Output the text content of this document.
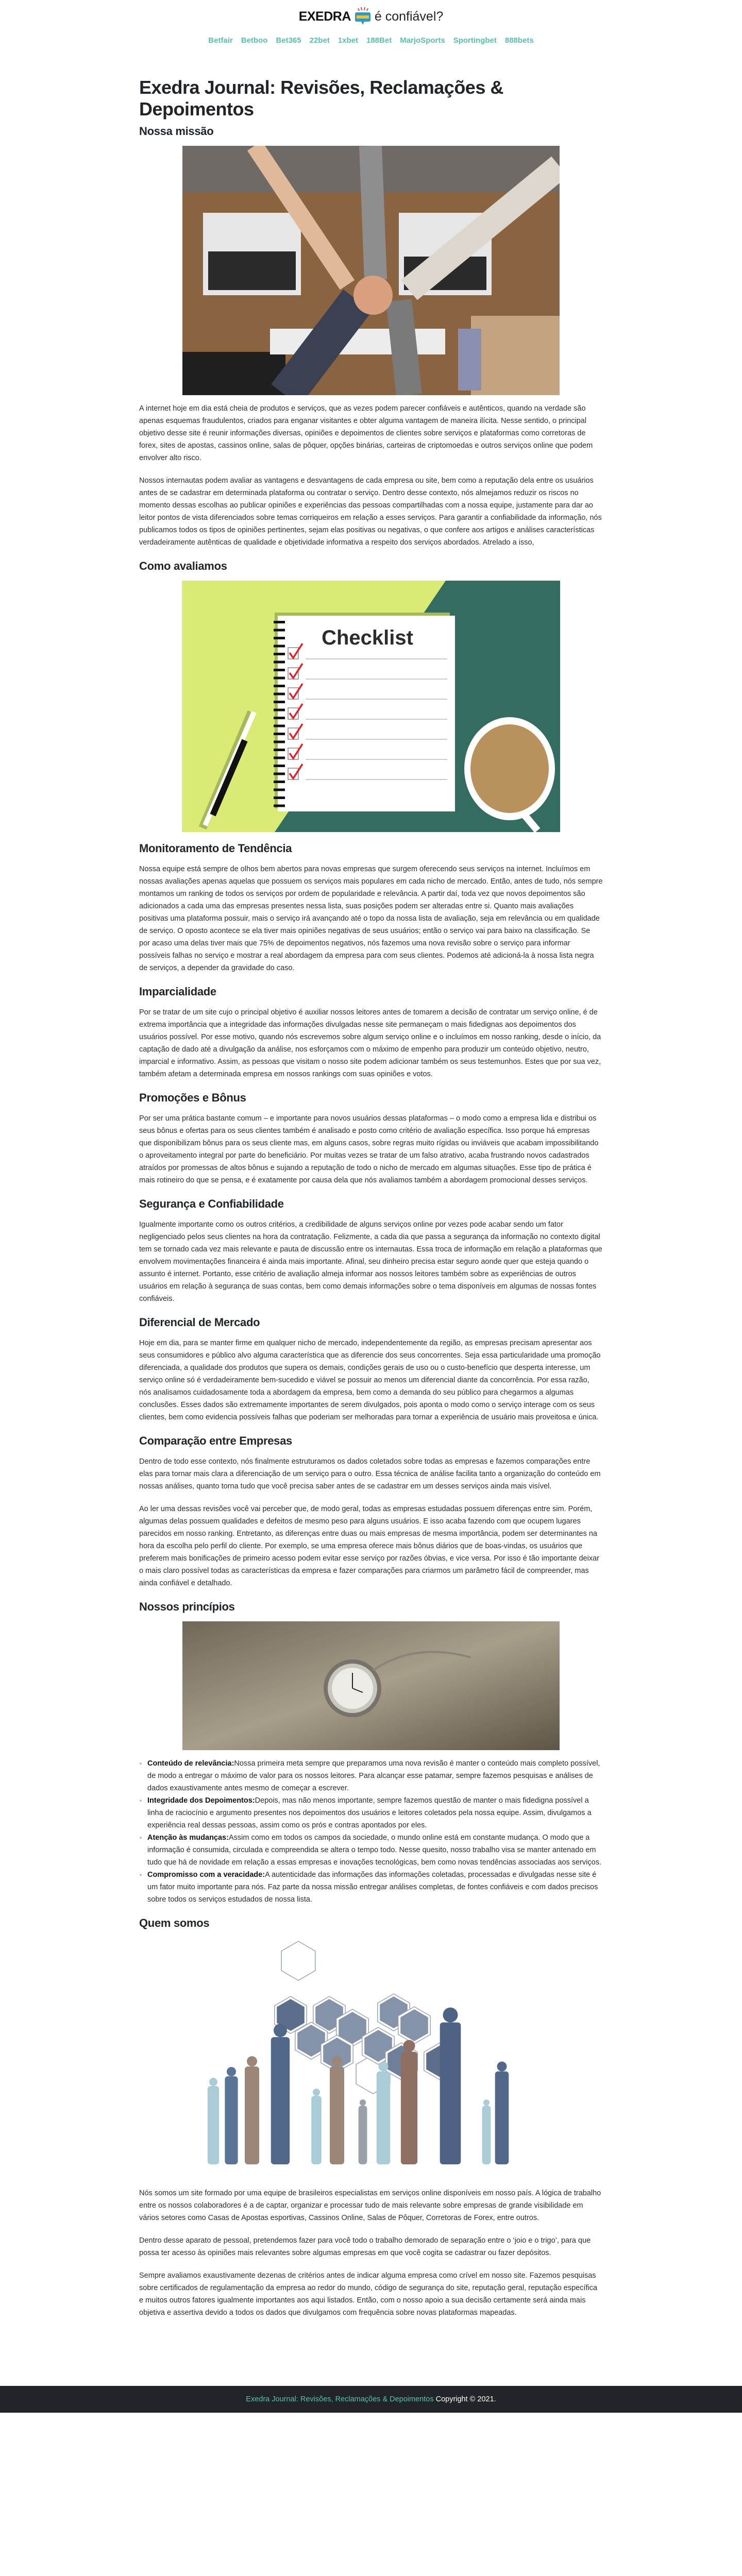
EXEDRA é confiável?
Betfair Betboo Bet365 22bet 1xbet 188Bet MarjoSports Sportingbet 888bets
Exedra Journal: Revisões, Reclamações & Depoimentos
Nossa missão

A internet hoje em dia está cheia de produtos e serviços, que as vezes podem parecer confiáveis e autênticos, quando na verdade são apenas esquemas fraudulentos, criados para enganar visitantes e obter alguma vantagem de maneira ilícita. Nesse sentido, o principal objetivo desse site é reunir informações diversas, opiniões e depoimentos de clientes sobre serviços e plataformas como corretoras de forex, sites de apostas, cassinos online, salas de pôquer, opções binárias, carteiras de criptomoedas e outros serviços online que podem envolver alto risco.

Nossos internautas podem avaliar as vantagens e desvantagens de cada empresa ou site, bem como a reputação dela entre os usuários antes de se cadastrar em determinada plataforma ou contratar o serviço. Dentro desse contexto, nós almejamos reduzir os riscos no momento dessas escolhas ao publicar opiniões e experiências das pessoas compartilhadas com a nossa equipe, justamente para dar ao leitor pontos de vista diferenciados sobre temas corriqueiros em relação a esses serviços. Para garantir a confiabilidade da informação, nós publicamos todos os tipos de opiniões pertinentes, sejam elas positivas ou negativas, o que confere aos artigos e análises características verdadeiramente autênticas de qualidade e objetividade informativa a respeito dos serviços abordados. Atrelado a isso,

Como avaliamos
Checklist
Monitoramento de Tendência

Nossa equipe está sempre de olhos bem abertos para novas empresas que surgem oferecendo seus serviços na internet. Incluímos em nossas avaliações apenas aquelas que possuem os serviços mais populares em cada nicho de mercado. Então, antes de tudo, nós sempre montamos um ranking de todos os serviços por ordem de popularidade e relevância. A partir daí, toda vez que novos depoimentos são adicionados a cada uma das empresas presentes nessa lista, suas posições podem ser alteradas entre si. Quanto mais avaliações positivas uma plataforma possuir, mais o serviço irá avançando até o topo da nossa lista de avaliação, seja em relevância ou em qualidade de serviço. O oposto acontece se ela tiver mais opiniões negativas de seus usuários; então o serviço vai para baixo na classificação. Se por acaso uma delas tiver mais que 75% de depoimentos negativos, nós fazemos uma nova revisão sobre o serviço para informar possíveis falhas no serviço e mostrar a real abordagem da empresa para com seus clientes. Podemos até adicioná-la à nossa lista negra de serviços, a depender da gravidade do caso.

Imparcialidade

Por se tratar de um site cujo o principal objetivo é auxiliar nossos leitores antes de tomarem a decisão de contratar um serviço online, é de extrema importância que a integridade das informações divulgadas nesse site permaneçam o mais fidedignas aos depoimentos dos usuários possível. Por esse motivo, quando nós escrevemos sobre algum serviço online e o incluímos em nosso ranking, desde o início, da captação de dado até a divulgação da análise, nos esforçamos com o máximo de empenho para produzir um conteúdo objetivo, neutro, imparcial e informativo. Assim, as pessoas que visitam o nosso site podem adicionar também os seus testemunhos. Estes que por sua vez, também afetam a determinada empresa em nossos rankings com suas opiniões e votos.

Promoções e Bônus

Por ser uma prática bastante comum – e importante para novos usuários dessas plataformas – o modo como a empresa lida e distribui os seus bônus e ofertas para os seus clientes também é analisado e posto como critério de avaliação específica. Isso porque há empresas que disponibilizam bônus para os seus cliente mas, em alguns casos, sobre regras muito rígidas ou inviáveis que acabam impossibilitando o aproveitamento integral por parte do beneficiário. Por muitas vezes se tratar de um falso atrativo, acaba frustrando novos cadastrados atraídos por promessas de altos bônus e sujando a reputação de todo o nicho de mercado em algumas situações. Esse tipo de prática é mais rotineiro do que se pensa, e é exatamente por causa dela que nós avaliamos também a abordagem promocional desses serviços.

Segurança e Confiabilidade

Igualmente importante como os outros critérios, a credibilidade de alguns serviços online por vezes pode acabar sendo um fator negligenciado pelos seus clientes na hora da contratação. Felizmente, a cada dia que passa a segurança da informação no contexto digital tem se tornado cada vez mais relevante e pauta de discussão entre os internautas. Essa troca de informação em relação a plataformas que envolvem movimentações financeira é ainda mais importante. Afinal, seu dinheiro precisa estar seguro aonde quer que esteja quando o assunto é internet. Portanto, esse critério de avaliação almeja informar aos nossos leitores também sobre as experiências de outros usuários em relação à segurança de suas contas, bem como demais informações sobre o tema disponíveis em algumas de nossas fontes confiáveis.

Diferencial de Mercado

Hoje em dia, para se manter firme em qualquer nicho de mercado, independentemente da região, as empresas precisam apresentar aos seus consumidores e público alvo alguma característica que as diferencie dos seus concorrentes. Seja essa particularidade uma promoção diferenciada, a qualidade dos produtos que supera os demais, condições gerais de uso ou o custo-benefício que desperta interesse, um serviço online só é verdadeiramente bem-sucedido e viável se possuir ao menos um diferencial diante da concorrência. Por essa razão, nós analisamos cuidadosamente toda a abordagem da empresa, bem como a demanda do seu público para chegarmos a algumas conclusões. Esses dados são extremamente importantes de serem divulgados, pois aponta o modo como o serviço interage com os seus clientes, bem como evidencia possíveis falhas que poderiam ser melhoradas para tornar a experiência de usuário mais proveitosa e única.

Comparação entre Empresas

Dentro de todo esse contexto, nós finalmente estruturamos os dados coletados sobre todas as empresas e fazemos comparações entre elas para tornar mais clara a diferenciação de um serviço para o outro. Essa técnica de análise facilita tanto a organização do conteúdo em nossas análises, quanto torna tudo que você precisa saber antes de se cadastrar em um desses serviços ainda mais visível.

Ao ler uma dessas revisões você vai perceber que, de modo geral, todas as empresas estudadas possuem diferenças entre sim. Porém, algumas delas possuem qualidades e defeitos de mesmo peso para alguns usuários. E isso acaba fazendo com que ocupem lugares parecidos em nosso ranking. Entretanto, as diferenças entre duas ou mais empresas de mesma importância, podem ser determinantes na hora da escolha pelo perfil do cliente. Por exemplo, se uma empresa oferece mais bônus diários que de boas-vindas, os usuários que preferem mais bonificações de primeiro acesso podem evitar esse serviço por razões óbvias, e vice versa. Por isso é tão importante deixar o mais claro possível todas as características da empresa e fazer comparações para criarmos um parâmetro fácil de compreender, mas ainda confiável e detalhado.

Nossos princípios
• Conteúdo de relevância:Nossa primeira meta sempre que preparamos uma nova revisão é manter o conteúdo mais completo possível, de modo a entregar o máximo de valor para os nossos leitores. Para alcançar esse patamar, sempre fazemos pesquisas e análises de dados exaustivamente antes mesmo de começar a escrever.
• Integridade dos Depoimentos:Depois, mas não menos importante, sempre fazemos questão de manter o mais fidedigna possível a linha de raciocínio e argumento presentes nos depoimentos dos usuários e leitores coletados pela nossa equipe. Assim, divulgamos a experiência real dessas pessoas, assim como os prós e contras apontados por eles.
• Atenção às mudanças:Assim como em todos os campos da sociedade, o mundo online está em constante mudança. O modo que a informação é consumida, circulada e compreendida se altera o tempo todo. Nesse quesito, nosso trabalho visa se manter antenado em tudo que há de novidade em relação a essas empresas e inovações tecnológicas, bem como novas tendências associadas aos serviços.
• Compromisso com a veracidade:A autenticidade das informações das informações coletadas, processadas e divulgadas nesse site é um fator muito importante para nós. Faz parte da nossa missão entregar análises completas, de fontes confiáveis e com dados precisos sobre todos os serviços estudados de nossa lista.
Quem somos

Nós somos um site formado por uma equipe de brasileiros especialistas em serviços online disponíveis em nosso país. A lógica de trabalho entre os nossos colaboradores é a de captar, organizar e processar tudo de mais relevante sobre empresas de grande visibilidade em vários setores como Casas de Apostas esportivas, Cassinos Online, Salas de Pôquer, Corretoras de Forex, entre outros.

Dentro desse aparato de pessoal, pretendemos fazer para você todo o trabalho demorado de separação entre o ‘joio e o trigo’, para que possa ter acesso às opiniões mais relevantes sobre algumas empresas em que você cogita se cadastrar ou fazer depósitos.

Sempre avaliamos exaustivamente dezenas de critérios antes de indicar alguma empresa como crível em nosso site. Fazemos pesquisas sobre certificados de regulamentação da empresa ao redor do mundo, código de segurança do site, reputação geral, reputação específica e muitos outros fatores igualmente importantes aos aqui listados. Então, com o nosso apoio a sua decisão certamente será ainda mais objetiva e assertiva devido a todos os dados que divulgamos com frequência sobre novas plataformas mapeadas.

Exedra Journal: Revisões, Reclamações & Depoimentos Copyright © 2021.
